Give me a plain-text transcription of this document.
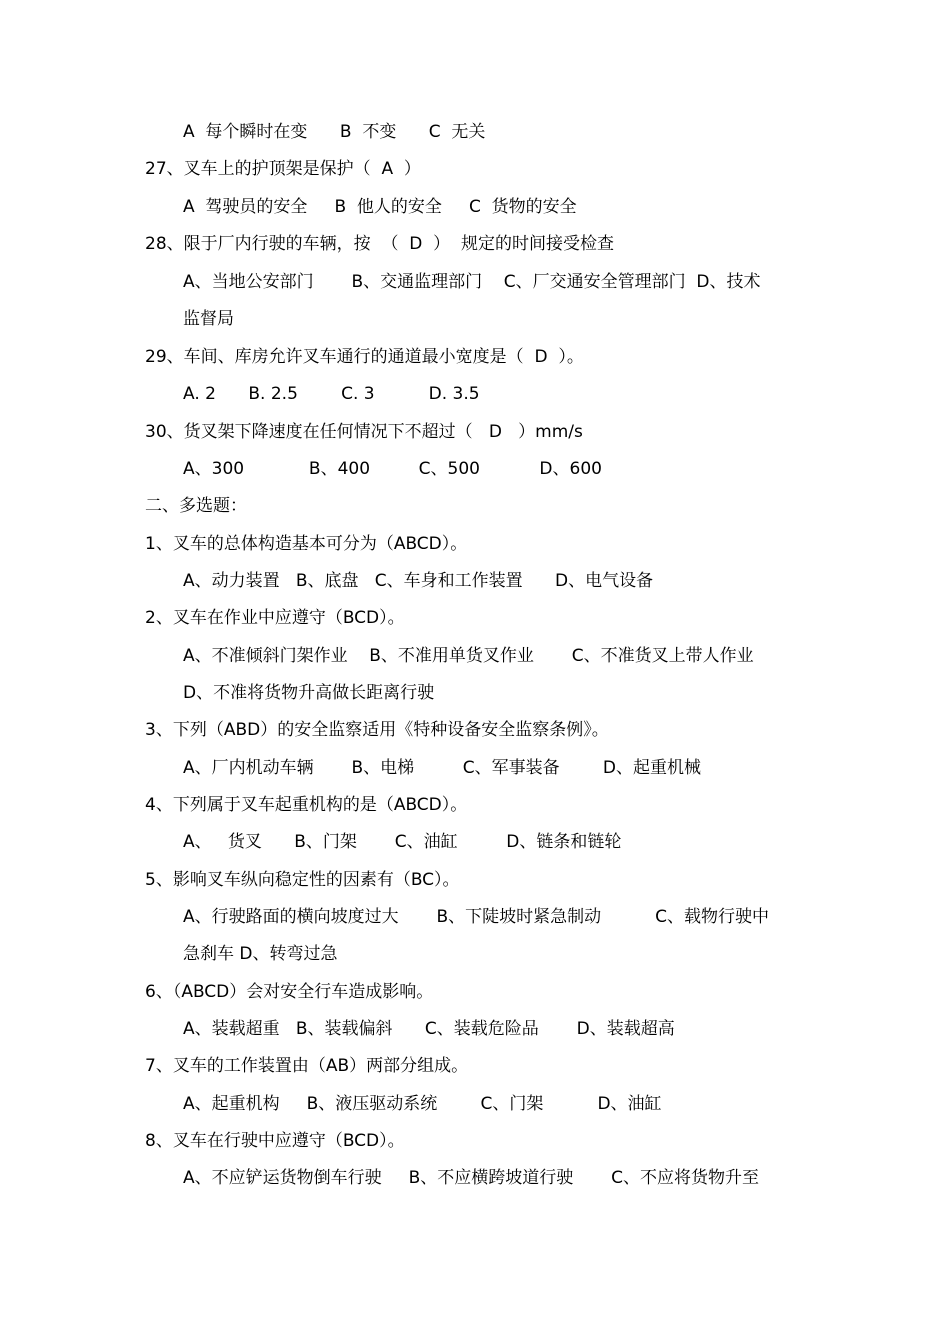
A  每个瞬时在变      B  不变      C  无关
27、叉车上的护顶架是保护（  A  ）
A  驾驶员的安全     B  他人的安全     C  货物的安全
28、限于厂内行驶的车辆，按  （  D  ）  规定的时间接受检查
A、当地公安部门       B、交通监理部门    C、厂交通安全管理部门  D、技术
监督局
29、车间、库房允许叉车通行的通道最小宽度是（  D  ）。
A. 2      B. 2.5        C. 3          D. 3.5
30、货叉架下降速度在任何情况下不超过（   D   ）mm/s
A、300            B、400         C、500           D、600
二、多选题：
1、叉车的总体构造基本可分为（ABCD）。
A、动力装置   B、底盘   C、车身和工作装置      D、电气设备
2、叉车在作业中应遵守（BCD）。
A、不准倾斜门架作业    B、不准用单货叉作业       C、不准货叉上带人作业
D、不准将货物升高做长距离行驶
3、下列（ABD）的安全监察适用《特种设备安全监察条例》。
A、厂内机动车辆       B、电梯         C、军事装备        D、起重机械
4、下列属于叉车起重机构的是（ABCD）。
A、   货叉      B、门架       C、油缸         D、链条和链轮
5、影响叉车纵向稳定性的因素有（BC）。
A、行驶路面的横向坡度过大       B、下陡坡时紧急制动          C、载物行驶中
急刹车 D、转弯过急
6、（ABCD）会对安全行车造成影响。
A、装载超重   B、装载偏斜      C、装载危险品       D、装载超高
7、叉车的工作装置由（AB）两部分组成。
A、起重机构     B、液压驱动系统        C、门架          D、油缸
8、叉车在行驶中应遵守（BCD）。
A、不应铲运货物倒车行驶     B、不应横跨坡道行驶       C、不应将货物升至
